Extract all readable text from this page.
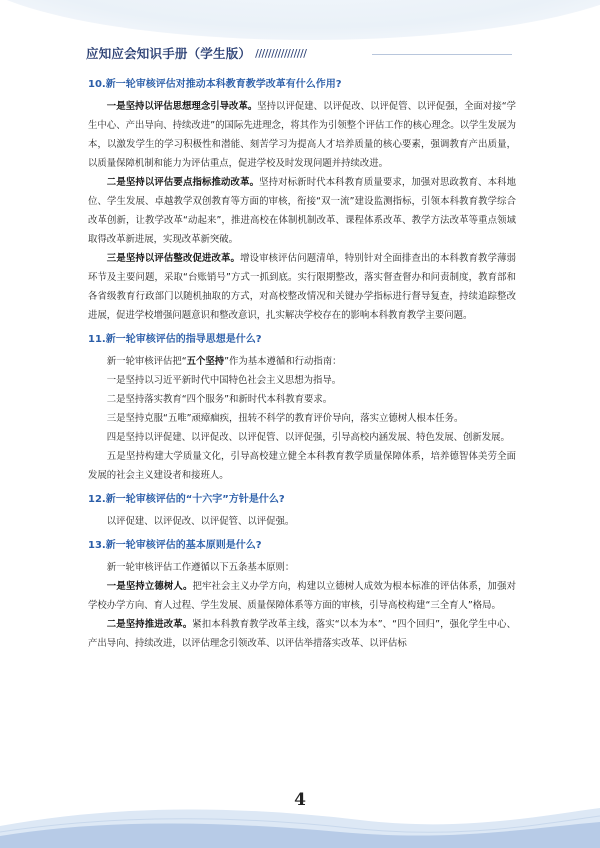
应知应会知识手册（学生版） ////////////////

10.新一轮审核评估对推动本科教育教学改革有什么作用?

一是坚持以评估思想理念引导改革。坚持以评促建、以评促改、以评促管、以评促强，全面对接“学生中心、产出导向、持续改进”的国际先进理念，将其作为引领整个评估工作的核心理念。以学生发展为本，以激发学生的学习积极性和潜能、刻苦学习为提高人才培养质量的核心要素，强调教育产出质量，以质量保障机制和能力为评估重点，促进学校及时发现问题并持续改进。

二是坚持以评估要点指标推动改革。坚持对标新时代本科教育质量要求，加强对思政教育、本科地位、学生发展、卓越教学双创教育等方面的审核，衔接“双一流”建设监测指标，引领本科教育教学综合改革创新，让教学改革“动起来”，推进高校在体制机制改革、课程体系改革、教学方法改革等重点领域取得改革新进展，实现改革新突破。

三是坚持以评估整改促进改革。增设审核评估问题清单，特别针对全面排查出的本科教育教学薄弱环节及主要问题，采取“台账销号”方式一抓到底。实行限期整改，落实督查督办和问责制度，教育部和各省级教育行政部门以随机抽取的方式，对高校整改情况和关键办学指标进行督导复查，持续追踪整改进展，促进学校增强问题意识和整改意识，扎实解决学校存在的影响本科教育教学主要问题。

11.新一轮审核评估的指导思想是什么?

新一轮审核评估把“五个坚持”作为基本遵循和行动指南：

一是坚持以习近平新时代中国特色社会主义思想为指导。

二是坚持落实教育“四个服务”和新时代本科教育要求。

三是坚持克服“五唯”顽瘴痼疾，扭转不科学的教育评价导向，落实立德树人根本任务。

四是坚持以评促建、以评促改、以评促管、以评促强，引导高校内涵发展、特色发展、创新发展。

五是坚持构建大学质量文化，引导高校建立健全本科教育教学质量保障体系，培养德智体美劳全面发展的社会主义建设者和接班人。

12.新一轮审核评估的“十六字”方针是什么?

以评促建、以评促改、以评促管、以评促强。

13.新一轮审核评估的基本原则是什么?

新一轮审核评估工作遵循以下五条基本原则：

一是坚持立德树人。把牢社会主义办学方向，构建以立德树人成效为根本标准的评估体系，加强对学校办学方向、育人过程、学生发展、质量保障体系等方面的审核，引导高校构建“三全育人”格局。

二是坚持推进改革。紧扣本科教育教学改革主线，落实“以本为本”、“四个回归”，强化学生中心、产出导向、持续改进，以评估理念引领改革、以评估举措落实改革、以评估标

4
